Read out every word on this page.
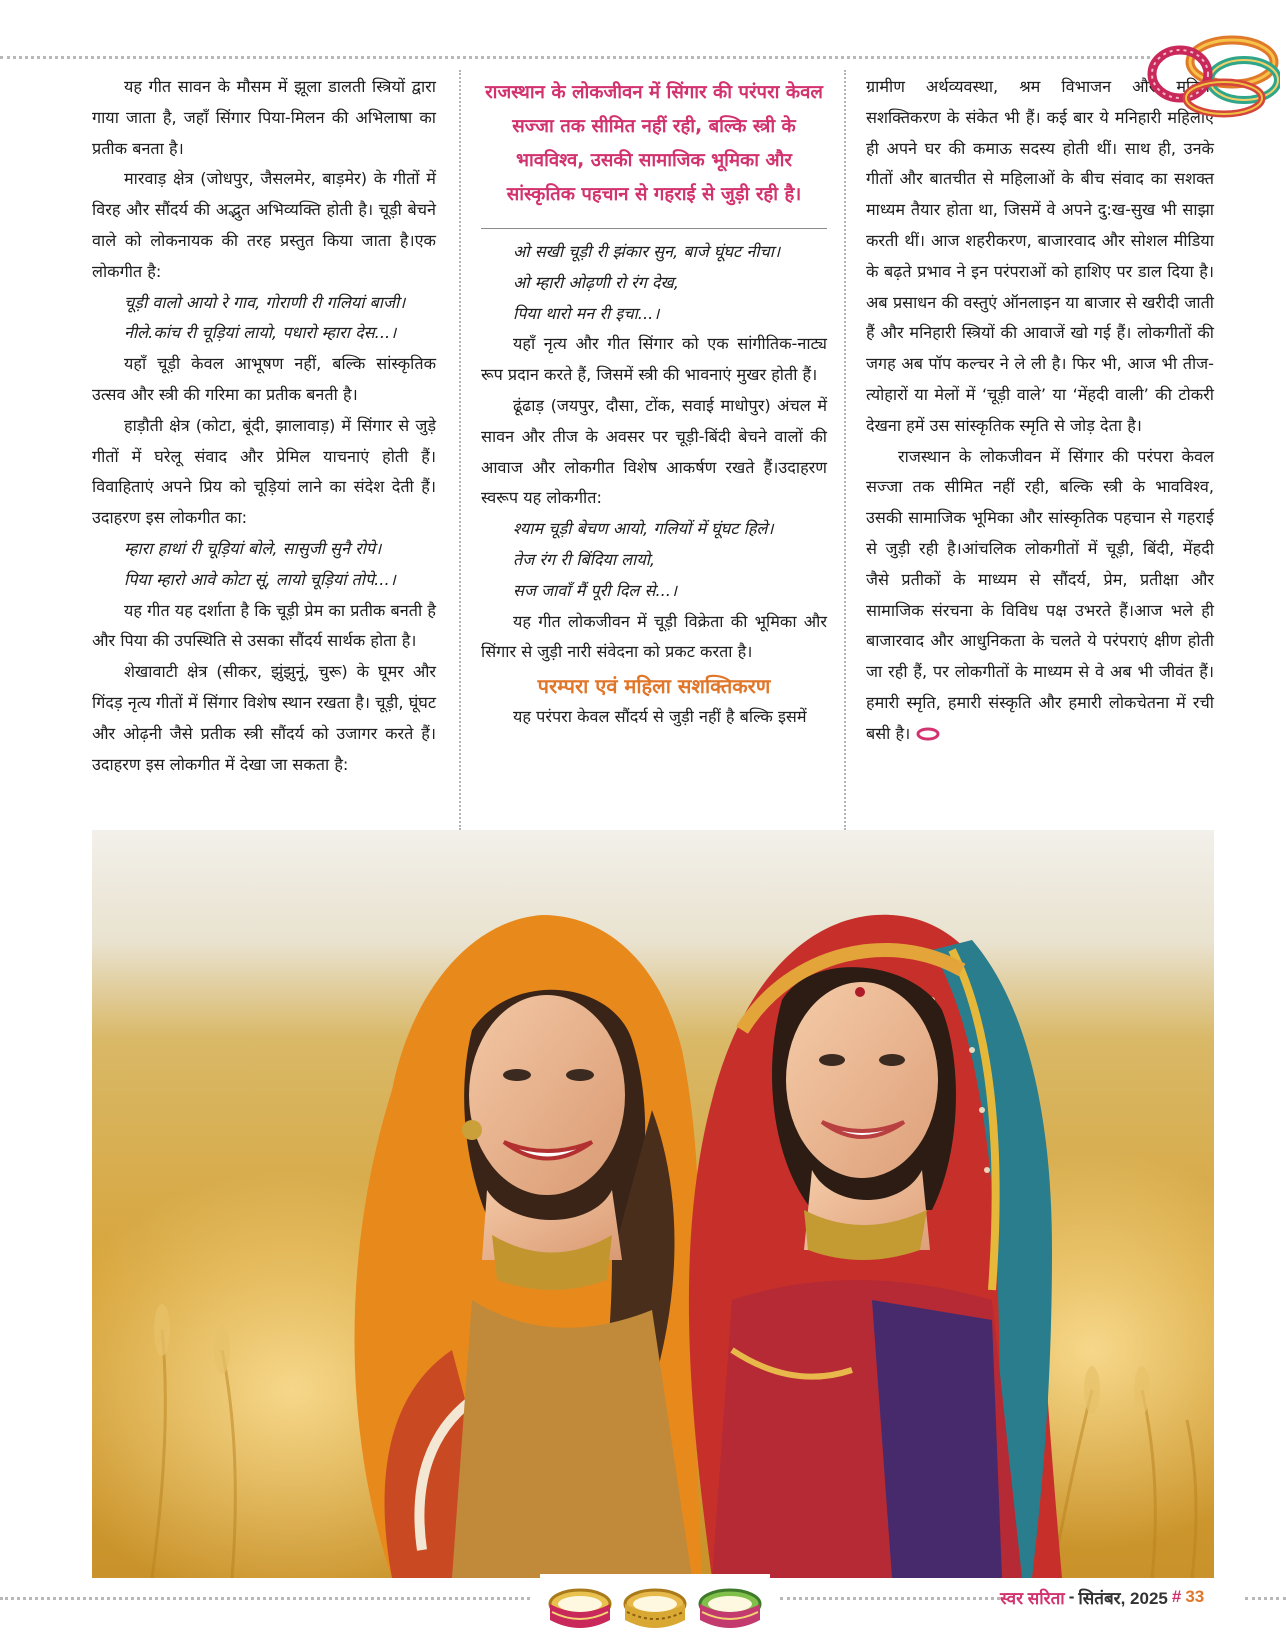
यह गीत सावन के मौसम में झूला डालती स्त्रियों द्वारा गाया जाता है, जहाँ सिंगार पिया-मिलन की अभिलाषा का प्रतीक बनता है।

मारवाड़ क्षेत्र (जोधपुर, जैसलमेर, बाड़मेर) के गीतों में विरह और सौंदर्य की अद्भुत अभिव्यक्ति होती है। चूड़ी बेचने वाले को लोकनायक की तरह प्रस्तुत किया जाता है।एक लोकगीत है:

चूड़ी वालो आयो रे गाव, गोराणी री गलियां बाजी।

नीले.कांच री चूड़ियां लायो, पधारो म्हारा देस...।

यहाँ चूड़ी केवल आभूषण नहीं, बल्कि सांस्कृतिक उत्सव और स्त्री की गरिमा का प्रतीक बनती है।

हाड़ौती क्षेत्र (कोटा, बूंदी, झालावाड़) में सिंगार से जुड़े गीतों में घरेलू संवाद और प्रेमिल याचनाएं होती हैं। विवाहिताएं अपने प्रिय को चूड़ियां लाने का संदेश देती हैं।उदाहरण इस लोकगीत का:

म्हारा हाथां री चूड़ियां बोले, सासुजी सुनै रोपे।

पिया म्हारो आवे कोटा सूं, लायो चूड़ियां तोपे...।

यह गीत यह दर्शाता है कि चूड़ी प्रेम का प्रतीक बनती है और पिया की उपस्थिति से उसका सौंदर्य सार्थक होता है।

शेखावाटी क्षेत्र (सीकर, झुंझुनूं, चुरू) के घूमर और गिंदड़ नृत्य गीतों में सिंगार विशेष स्थान रखता है। चूड़ी, घूंघट और ओढ़नी जैसे प्रतीक स्त्री सौंदर्य को उजागर करते हैं।उदाहरण इस लोकगीत में देखा जा सकता है:

राजस्थान के लोकजीवन में सिंगार की परंपरा केवल सज्जा तक सीमित नहीं रही, बल्कि स्त्री के भावविश्व, उसकी सामाजिक भूमिका और सांस्कृतिक पहचान से गहराई से जुड़ी रही है।

ओ सखी चूड़ी री झंकार सुन, बाजे घूंघट नीचा।

ओ म्हारी ओढ़णी रो रंग देख,

पिया थारो मन री इचा...।

यहाँ नृत्य और गीत सिंगार को एक सांगीतिक-नाट्य रूप प्रदान करते हैं, जिसमें स्त्री की भावनाएं मुखर होती हैं।

ढूंढाड़ (जयपुर, दौसा, टोंक, सवाई माधोपुर) अंचल में सावन और तीज के अवसर पर चूड़ी-बिंदी बेचने वालों की आवाज और लोकगीत विशेष आकर्षण रखते हैं।उदाहरण स्वरूप यह लोकगीत:

श्याम चूड़ी बेचण आयो, गलियों में घूंघट हिले।

तेज रंग री बिंदिया लायो,

सज जावाँ मैं पूरी दिल से...।

यह गीत लोकजीवन में चूड़ी विक्रेता की भूमिका और सिंगार से जुड़ी नारी संवेदना को प्रकट करता है।

परम्परा एवं महिला सशक्तिकरण

यह परंपरा केवल सौंदर्य से जुड़ी नहीं है बल्कि इसमें

ग्रामीण अर्थव्यवस्था, श्रम विभाजन और महिला सशक्तिकरण के संकेत भी हैं। कई बार ये मनिहारी महिलाएं ही अपने घर की कमाऊ सदस्य होती थीं। साथ ही, उनके गीतों और बातचीत से महिलाओं के बीच संवाद का सशक्त माध्यम तैयार होता था, जिसमें वे अपने दु:ख-सुख भी साझा करती थीं। आज शहरीकरण, बाजारवाद और सोशल मीडिया के बढ़ते प्रभाव ने इन परंपराओं को हाशिए पर डाल दिया है। अब प्रसाधन की वस्तुएं ऑनलाइन या बाजार से खरीदी जाती हैं और मनिहारी स्त्रियों की आवाजें खो गई हैं। लोकगीतों की जगह अब पॉप कल्चर ने ले ली है। फिर भी, आज भी तीज-त्योहारों या मेलों में ‘चूड़ी वाले’ या ‘मेंहदी वाली’ की टोकरी देखना हमें उस सांस्कृतिक स्मृति से जोड़ देता है।

राजस्थान के लोकजीवन में सिंगार की परंपरा केवल सज्जा तक सीमित नहीं रही, बल्कि स्त्री के भावविश्व, उसकी सामाजिक भूमिका और सांस्कृतिक पहचान से गहराई से जुड़ी रही है।आंचलिक लोकगीतों में चूड़ी, बिंदी, मेंहदी जैसे प्रतीकों के माध्यम से सौंदर्य, प्रेम, प्रतीक्षा और सामाजिक संरचना के विविध पक्ष उभरते हैं।आज भले ही बाजारवाद और आधुनिकता के चलते ये परंपराएं क्षीण होती जा रही हैं, पर लोकगीतों के माध्यम से वे अब भी जीवंत हैं। हमारी स्मृति, हमारी संस्कृति और हमारी लोकचेतना में रची बसी है।

स्वर सरिता - सितंबर, 2025 # 33
